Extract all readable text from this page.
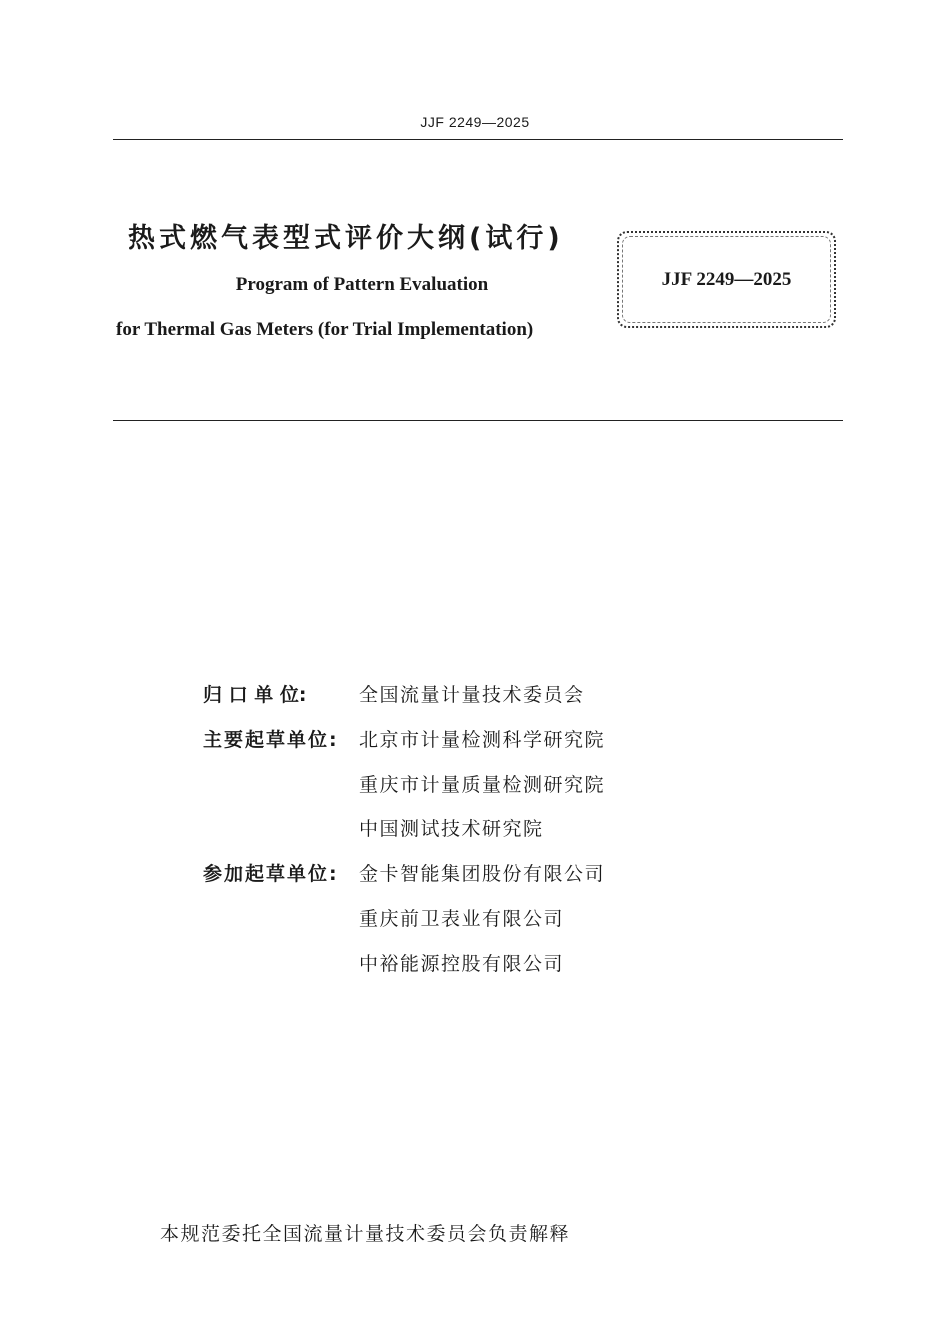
JJF 2249—2025
热式燃气表型式评价大纲(试行)
Program of Pattern Evaluation
for Thermal Gas Meters (for Trial Implementation)
JJF 2249—2025
归 口 单 位:	全国流量计量技术委员会
主要起草单位:	北京市计量检测科学研究院
重庆市计量质量检测研究院
中国测试技术研究院
参加起草单位:	金卡智能集团股份有限公司
重庆前卫表业有限公司
中裕能源控股有限公司
本规范委托全国流量计量技术委员会负责解释
